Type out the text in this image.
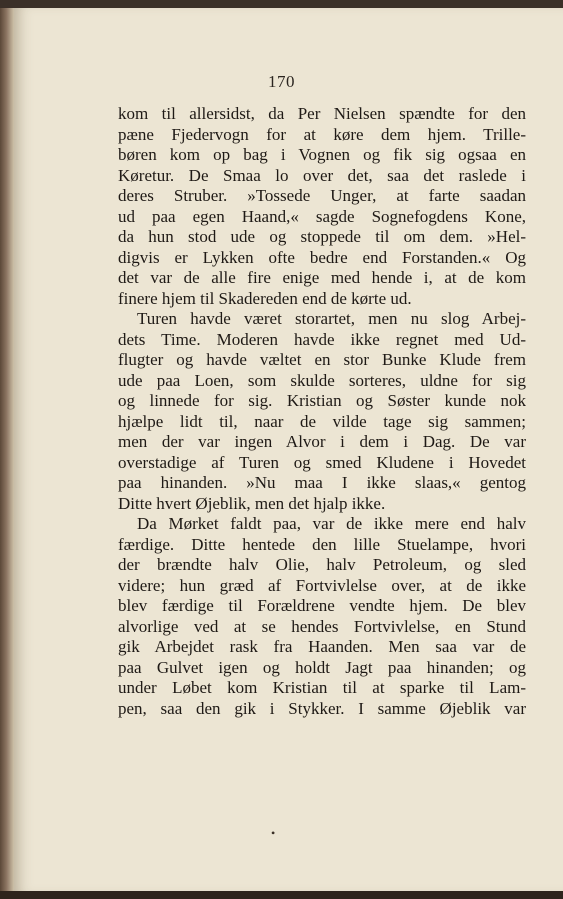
170
kom til allersidst, da Per Nielsen spændte for den
pæne Fjedervogn for at køre dem hjem. Trille-
børen kom op bag i Vognen og fik sig ogsaa en
Køretur. De Smaa lo over det, saa det raslede i
deres Struber. »Tossede Unger, at farte saadan
ud paa egen Haand,« sagde Sognefogdens Kone,
da hun stod ude og stoppede til om dem. »Hel-
digvis er Lykken ofte bedre end Forstanden.« Og
det var de alle fire enige med hende i, at de kom
finere hjem til Skadereden end de kørte ud.
Turen havde været storartet, men nu slog Arbej-
dets Time. Moderen havde ikke regnet med Ud-
flugter og havde væltet en stor Bunke Klude frem
ude paa Loen, som skulde sorteres, uldne for sig
og linnede for sig. Kristian og Søster kunde nok
hjælpe lidt til, naar de vilde tage sig sammen;
men der var ingen Alvor i dem i Dag. De var
overstadige af Turen og smed Kludene i Hovedet
paa hinanden. »Nu maa I ikke slaas,« gentog
Ditte hvert Øjeblik, men det hjalp ikke.
Da Mørket faldt paa, var de ikke mere end halv
færdige. Ditte hentede den lille Stuelampe, hvori
der brændte halv Olie, halv Petroleum, og sled
videre; hun græd af Fortvivlelse over, at de ikke
blev færdige til Forældrene vendte hjem. De blev
alvorlige ved at se hendes Fortvivlelse, en Stund
gik Arbejdet rask fra Haanden. Men saa var de
paa Gulvet igen og holdt Jagt paa hinanden; og
under Løbet kom Kristian til at sparke til Lam-
pen, saa den gik i Stykker. I samme Øjeblik var
•
